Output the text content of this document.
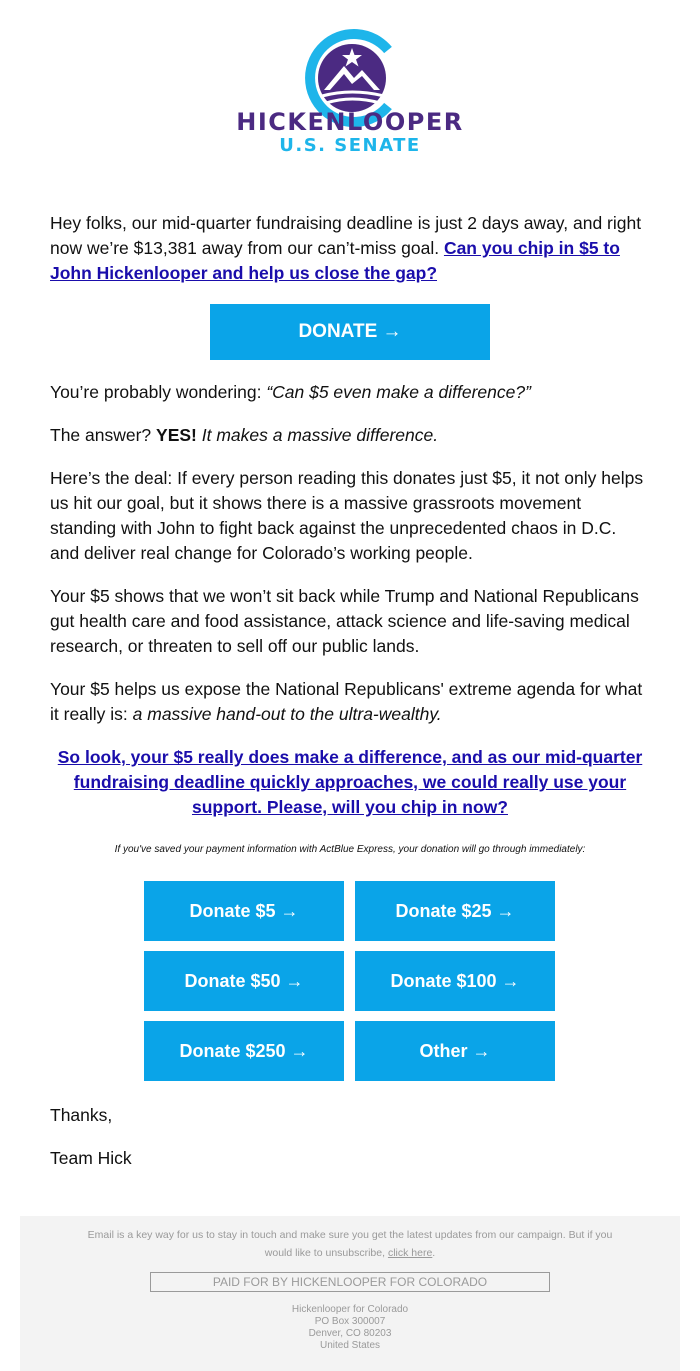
HICKENLOOPER
U.S. SENATE

Hey folks, our mid-quarter fundraising deadline is just 2 days away, and right now we’re $13,381 away from our can’t-miss goal. Can you chip in $5 to John Hickenlooper and help us close the gap?

DONATE →

You’re probably wondering: “Can $5 even make a difference?”

The answer? YES! It makes a massive difference.

Here’s the deal: If every person reading this donates just $5, it not only helps us hit our goal, but it shows there is a massive grassroots movement standing with John to fight back against the unprecedented chaos in D.C. and deliver real change for Colorado’s working people.

Your $5 shows that we won’t sit back while Trump and National Republicans gut health care and food assistance, attack science and life-saving medical research, or threaten to sell off our public lands.

Your $5 helps us expose the National Republicans' extreme agenda for what it really is: a massive hand-out to the ultra-wealthy.

So look, your $5 really does make a difference, and as our mid-quarter fundraising deadline quickly approaches, we could really use your support. Please, will you chip in now?
If you've saved your payment information with ActBlue Express, your donation will go through immediately:
Donate $5 →	Donate $25 →
Donate $50 →	Donate $100 →
Donate $250 →	Other →

Thanks,

Team Hick

Email is a key way for us to stay in touch and make sure you get the latest updates from our campaign. But if you would like to unsubscribe, click here.
PAID FOR BY HICKENLOOPER FOR COLORADO
Hickenlooper for Colorado
PO Box 300007
Denver, CO 80203
United States
